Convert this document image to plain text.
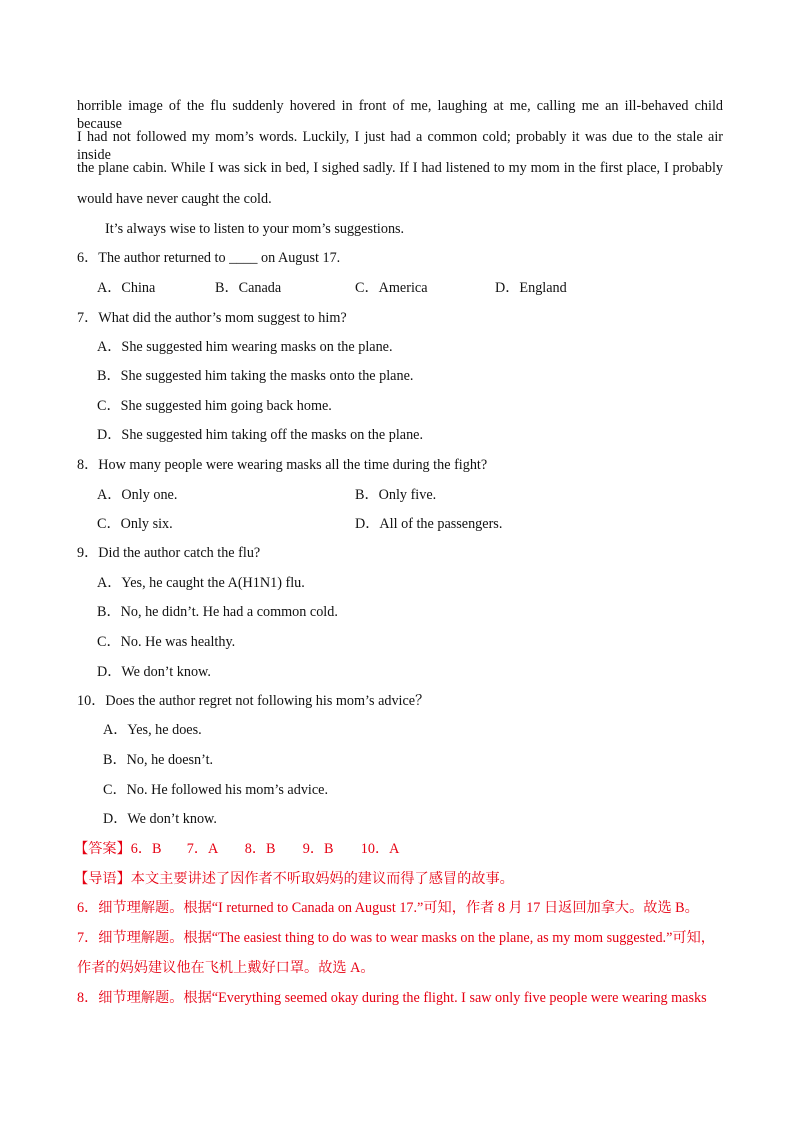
horrible image of the flu suddenly hovered in front of me, laughing at me, calling me an ill-behaved child because
I had not followed my mom’s words. Luckily, I just had a common cold; probably it was due to the stale air inside
the plane cabin. While I was sick in bed, I sighed sadly. If I had listened to my mom in the first place, I probably
would have never caught the cold.
It’s always wise to listen to your mom’s suggestions.
6．The author returned to ____ on August 17.
A．China	B．Canada	C．America	D．England
7．What did the author’s mom suggest to him?
A．She suggested him wearing masks on the plane.
B．She suggested him taking the masks onto the plane.
C．She suggested him going back home.
D．She suggested him taking off the masks on the plane.
8．How many people were wearing masks all the time during the fight?
A．Only one.	B．Only five.
C．Only six.	D．All of the passengers.
9．Did the author catch the flu?
A．Yes, he caught the A(H1N1) flu.
B．No, he didn’t. He had a common cold.
C．No. He was healthy.
D．We don’t know.
10．Does the author regret not following his mom’s advice？
A．Yes, he does.
B．No, he doesn’t.
C．No. He followed his mom’s advice.
D．We don’t know.
【答案】6．B 7．A 8．B 9．B 10．A
【导语】本文主要讲述了因作者不听取妈妈的建议而得了感冒的故事。
6．细节理解题。根据“I returned to Canada on August 17.”可知，作者 8 月 17 日返回加拿大。故选 B。
7．细节理解题。根据“The easiest thing to do was to wear masks on the plane, as my mom suggested.”可知，
作者的妈妈建议他在飞机上戴好口罩。故选 A。
8．细节理解题。根据“Everything seemed okay during the flight. I saw only five people were wearing masks
